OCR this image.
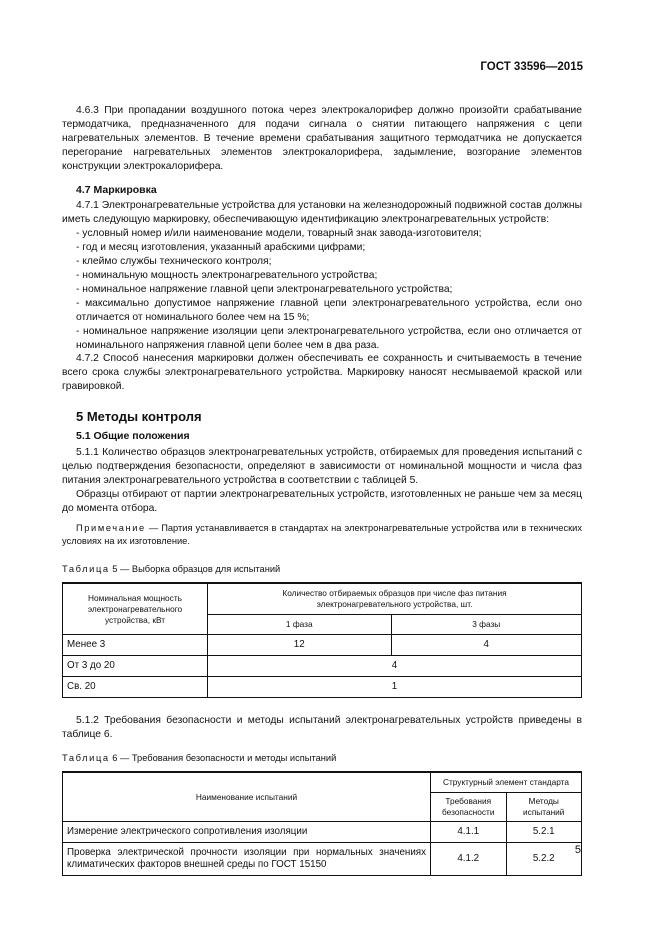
ГОСТ 33596—2015

4.6.3 При пропадании воздушного потока через электрокалорифер должно произойти срабатывание термодатчика, предназначенного для подачи сигнала о снятии питающего напряжения с цепи нагревательных элементов. В течение времени срабатывания защитного термодатчика не допускается перегорание нагревательных элементов электрокалорифера, задымление, возгорание элементов конструкции электрокалорифера.

4.7 Маркировка

4.7.1 Электронагревательные устройства для установки на железнодорожный подвижной состав должны иметь следующую маркировку, обеспечивающую идентификацию электронагревательных устройств:

- условный номер и/или наименование модели, товарный знак завода-изготовителя;

- год и месяц изготовления, указанный арабскими цифрами;

- клеймо службы технического контроля;

- номинальную мощность электронагревательного устройства;

- номинальное напряжение главной цепи электронагревательного устройства;

- максимально допустимое напряжение главной цепи электронагревательного устройства, если оно отличается от номинального более чем на 15 %;

- номинальное напряжение изоляции цепи электронагревательного устройства, если оно отличается от номинального напряжения главной цепи более чем в два раза.

4.7.2 Способ нанесения маркировки должен обеспечивать ее сохранность и считываемость в течение всего срока службы электронагревательного устройства. Маркировку наносят несмываемой краской или гравировкой.

5 Методы контроля

5.1 Общие положения

5.1.1 Количество образцов электронагревательных устройств, отбираемых для проведения испытаний с целью подтверждения безопасности, определяют в зависимости от номинальной мощности и числа фаз питания электронагревательного устройства в соответствии с таблицей 5.

Образцы отбирают от партии электронагревательных устройств, изготовленных не раньше чем за месяц до момента отбора.

Примечание — Партия устанавливается в стандартах на электронагревательные устройства или в технических условиях на их изготовление.

Таблица 5 — Выборка образцов для испытаний

Номинальная мощность электронагревательного устройства, кВт	Количество отбираемых образцов при числе фаз питания электронагревательного устройства, шт.	
	1 фаза	3 фазы
Менее 3	12	4
От 3 до 20	4	
Св. 20	1	

5.1.2 Требования безопасности и методы испытаний электронагревательных устройств приведены в таблице 6.

Таблица 6 — Требования безопасности и методы испытаний

Наименование испытаний	Структурный элемент стандарта	
	Требования безопасности	Методы испытаний
Измерение электрического сопротивления изоляции	4.1.1	5.2.1
Проверка электрической прочности изоляции при нормальных значениях климатических факторов внешней среды по ГОСТ 15150	4.1.2	5.2.2
5
